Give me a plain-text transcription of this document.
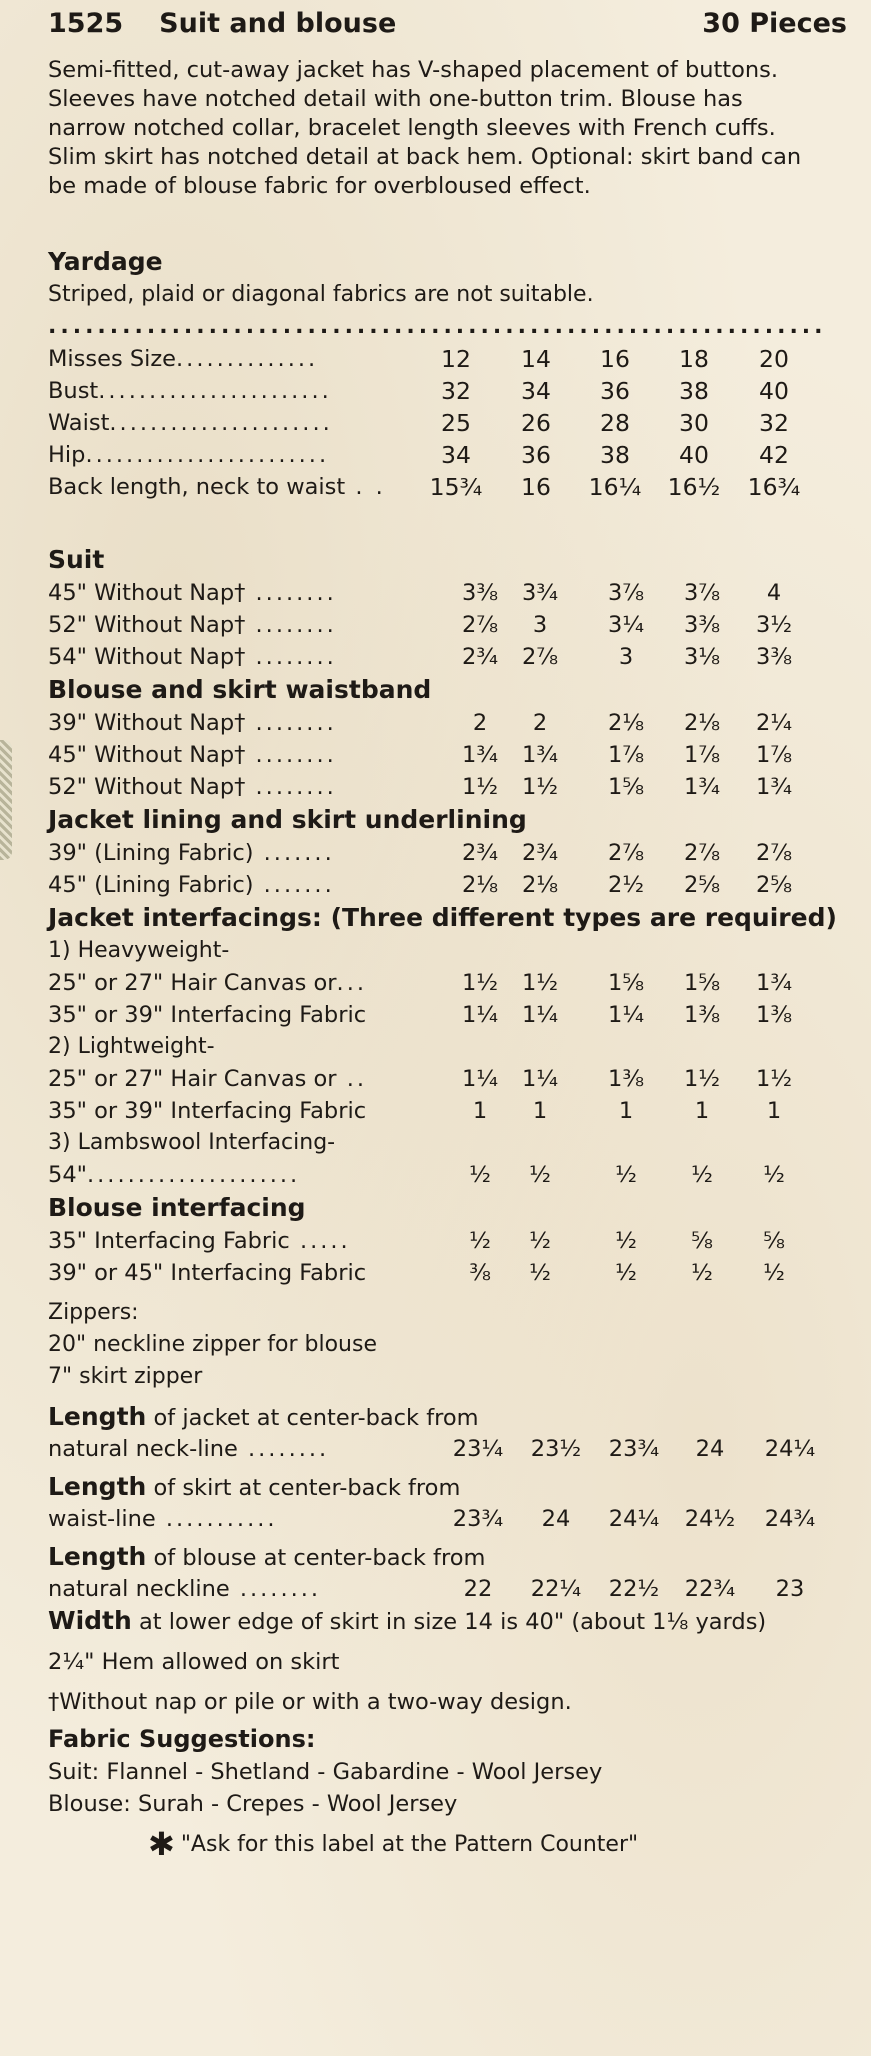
1525 Suit and blouse	30 Pieces

Semi-fitted, cut-away jacket has V-shaped placement of buttons. Sleeves have notched detail with one-button trim. Blouse has narrow notched collar, bracelet length sleeves with French cuffs. Slim skirt has notched detail at back hem. Optional: skirt band can be made of blouse fabric for overbloused effect.

Yardage
Striped, plaid or diagonal fabrics are not suitable.
...............................................................
Misses Size..............	12	14	16	18	20
Bust.......................	32	34	36	38	40
Waist......................	25	26	28	30	32
Hip........................	34	36	38	40	42
Back length, neck to waist . . 15¾	16	16¼ 16½ 16¾
Suit
45" Without Nap† ........	3⅜	3¾	3⅞	3⅞	4
52" Without Nap† ........	2⅞	3	3¼	3⅜	3½
54" Without Nap† ........	2¾	2⅞	3	3⅛	3⅜
Blouse and skirt waistband
39" Without Nap† ........	2	2	2⅛	2⅛	2¼
45" Without Nap† ........	1¾	1¾	1⅞	1⅞	1⅞
52" Without Nap† ........	1½	1½	1⅝	1¾	1¾
Jacket lining and skirt underlining
39" (Lining Fabric) .......	2¾	2¾	2⅞	2⅞	2⅞
45" (Lining Fabric) .......	2⅛	2⅛	2½	2⅝	2⅝
Jacket interfacings: (Three different types are required)
1) Heavyweight-
25" or 27" Hair Canvas or...	1½	1½	1⅝	1⅝	1¾
35" or 39" Interfacing Fabric	1¼	1¼	1¼	1⅜	1⅜
2) Lightweight-
25" or 27" Hair Canvas or ..	1¼	1¼	1⅜	1½	1½
35" or 39" Interfacing Fabric	1	1	1	1	1
3) Lambswool Interfacing-
54".....................	½	½	½	½	½
Blouse interfacing
35" Interfacing Fabric .....	½	½	½	⅝	⅝
39" or 45" Interfacing Fabric	⅜	½	½	½	½
Zippers:
20" neckline zipper for blouse
7" skirt zipper
Length of jacket at center-back from
natural neck-line ........	23¼ 23½ 23¾	24	24¼
Length of skirt at center-back from
waist-line ...........	23¾	24	24¼ 24½ 24¾
Length of blouse at center-back from
natural neckline ........	22	22¼ 22½ 22¾	23
Width at lower edge of skirt in size 14 is 40" (about 1⅛ yards)
2¼" Hem allowed on skirt
†Without nap or pile or with a two-way design.
Fabric Suggestions:
Suit: Flannel - Shetland - Gabardine - Wool Jersey
Blouse: Surah - Crepes - Wool Jersey
✱ "Ask for this label at the Pattern Counter"
